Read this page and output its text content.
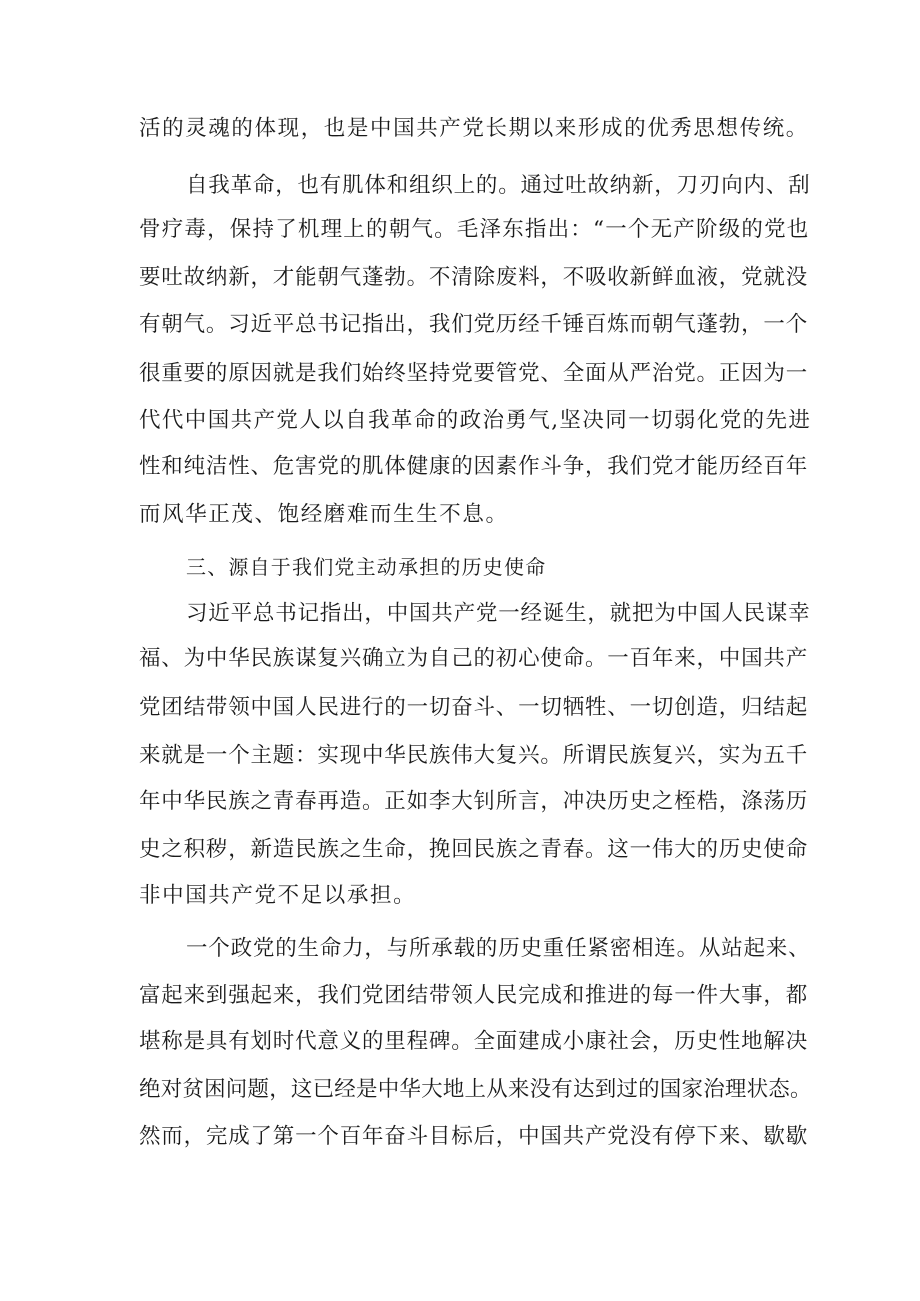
活的灵魂的体现，也是中国共产党长期以来形成的优秀思想传统。
自我革命，也有肌体和组织上的。通过吐故纳新，刀刃向内、刮
骨疗毒，保持了机理上的朝气。毛泽东指出：“一个无产阶级的党也
要吐故纳新，才能朝气蓬勃。不清除废料，不吸收新鲜血液，党就没
有朝气。习近平总书记指出，我们党历经千锤百炼而朝气蓬勃，一个
很重要的原因就是我们始终坚持党要管党、全面从严治党。正因为一
代代中国共产党人以自我革命的政治勇气,坚决同一切弱化党的先进
性和纯洁性、危害党的肌体健康的因素作斗争，我们党才能历经百年
而风华正茂、饱经磨难而生生不息。
三、源自于我们党主动承担的历史使命
习近平总书记指出，中国共产党一经诞生，就把为中国人民谋幸
福、为中华民族谋复兴确立为自己的初心使命。一百年来，中国共产
党团结带领中国人民进行的一切奋斗、一切牺牲、一切创造，归结起
来就是一个主题：实现中华民族伟大复兴。所谓民族复兴，实为五千
年中华民族之青春再造。正如李大钊所言，冲决历史之桎梏，涤荡历
史之积秽，新造民族之生命，挽回民族之青春。这一伟大的历史使命
非中国共产党不足以承担。
一个政党的生命力，与所承载的历史重任紧密相连。从站起来、
富起来到强起来，我们党团结带领人民完成和推进的每一件大事，都
堪称是具有划时代意义的里程碑。全面建成小康社会，历史性地解决
绝对贫困问题，这已经是中华大地上从来没有达到过的国家治理状态。
然而，完成了第一个百年奋斗目标后，中国共产党没有停下来、歇歇
